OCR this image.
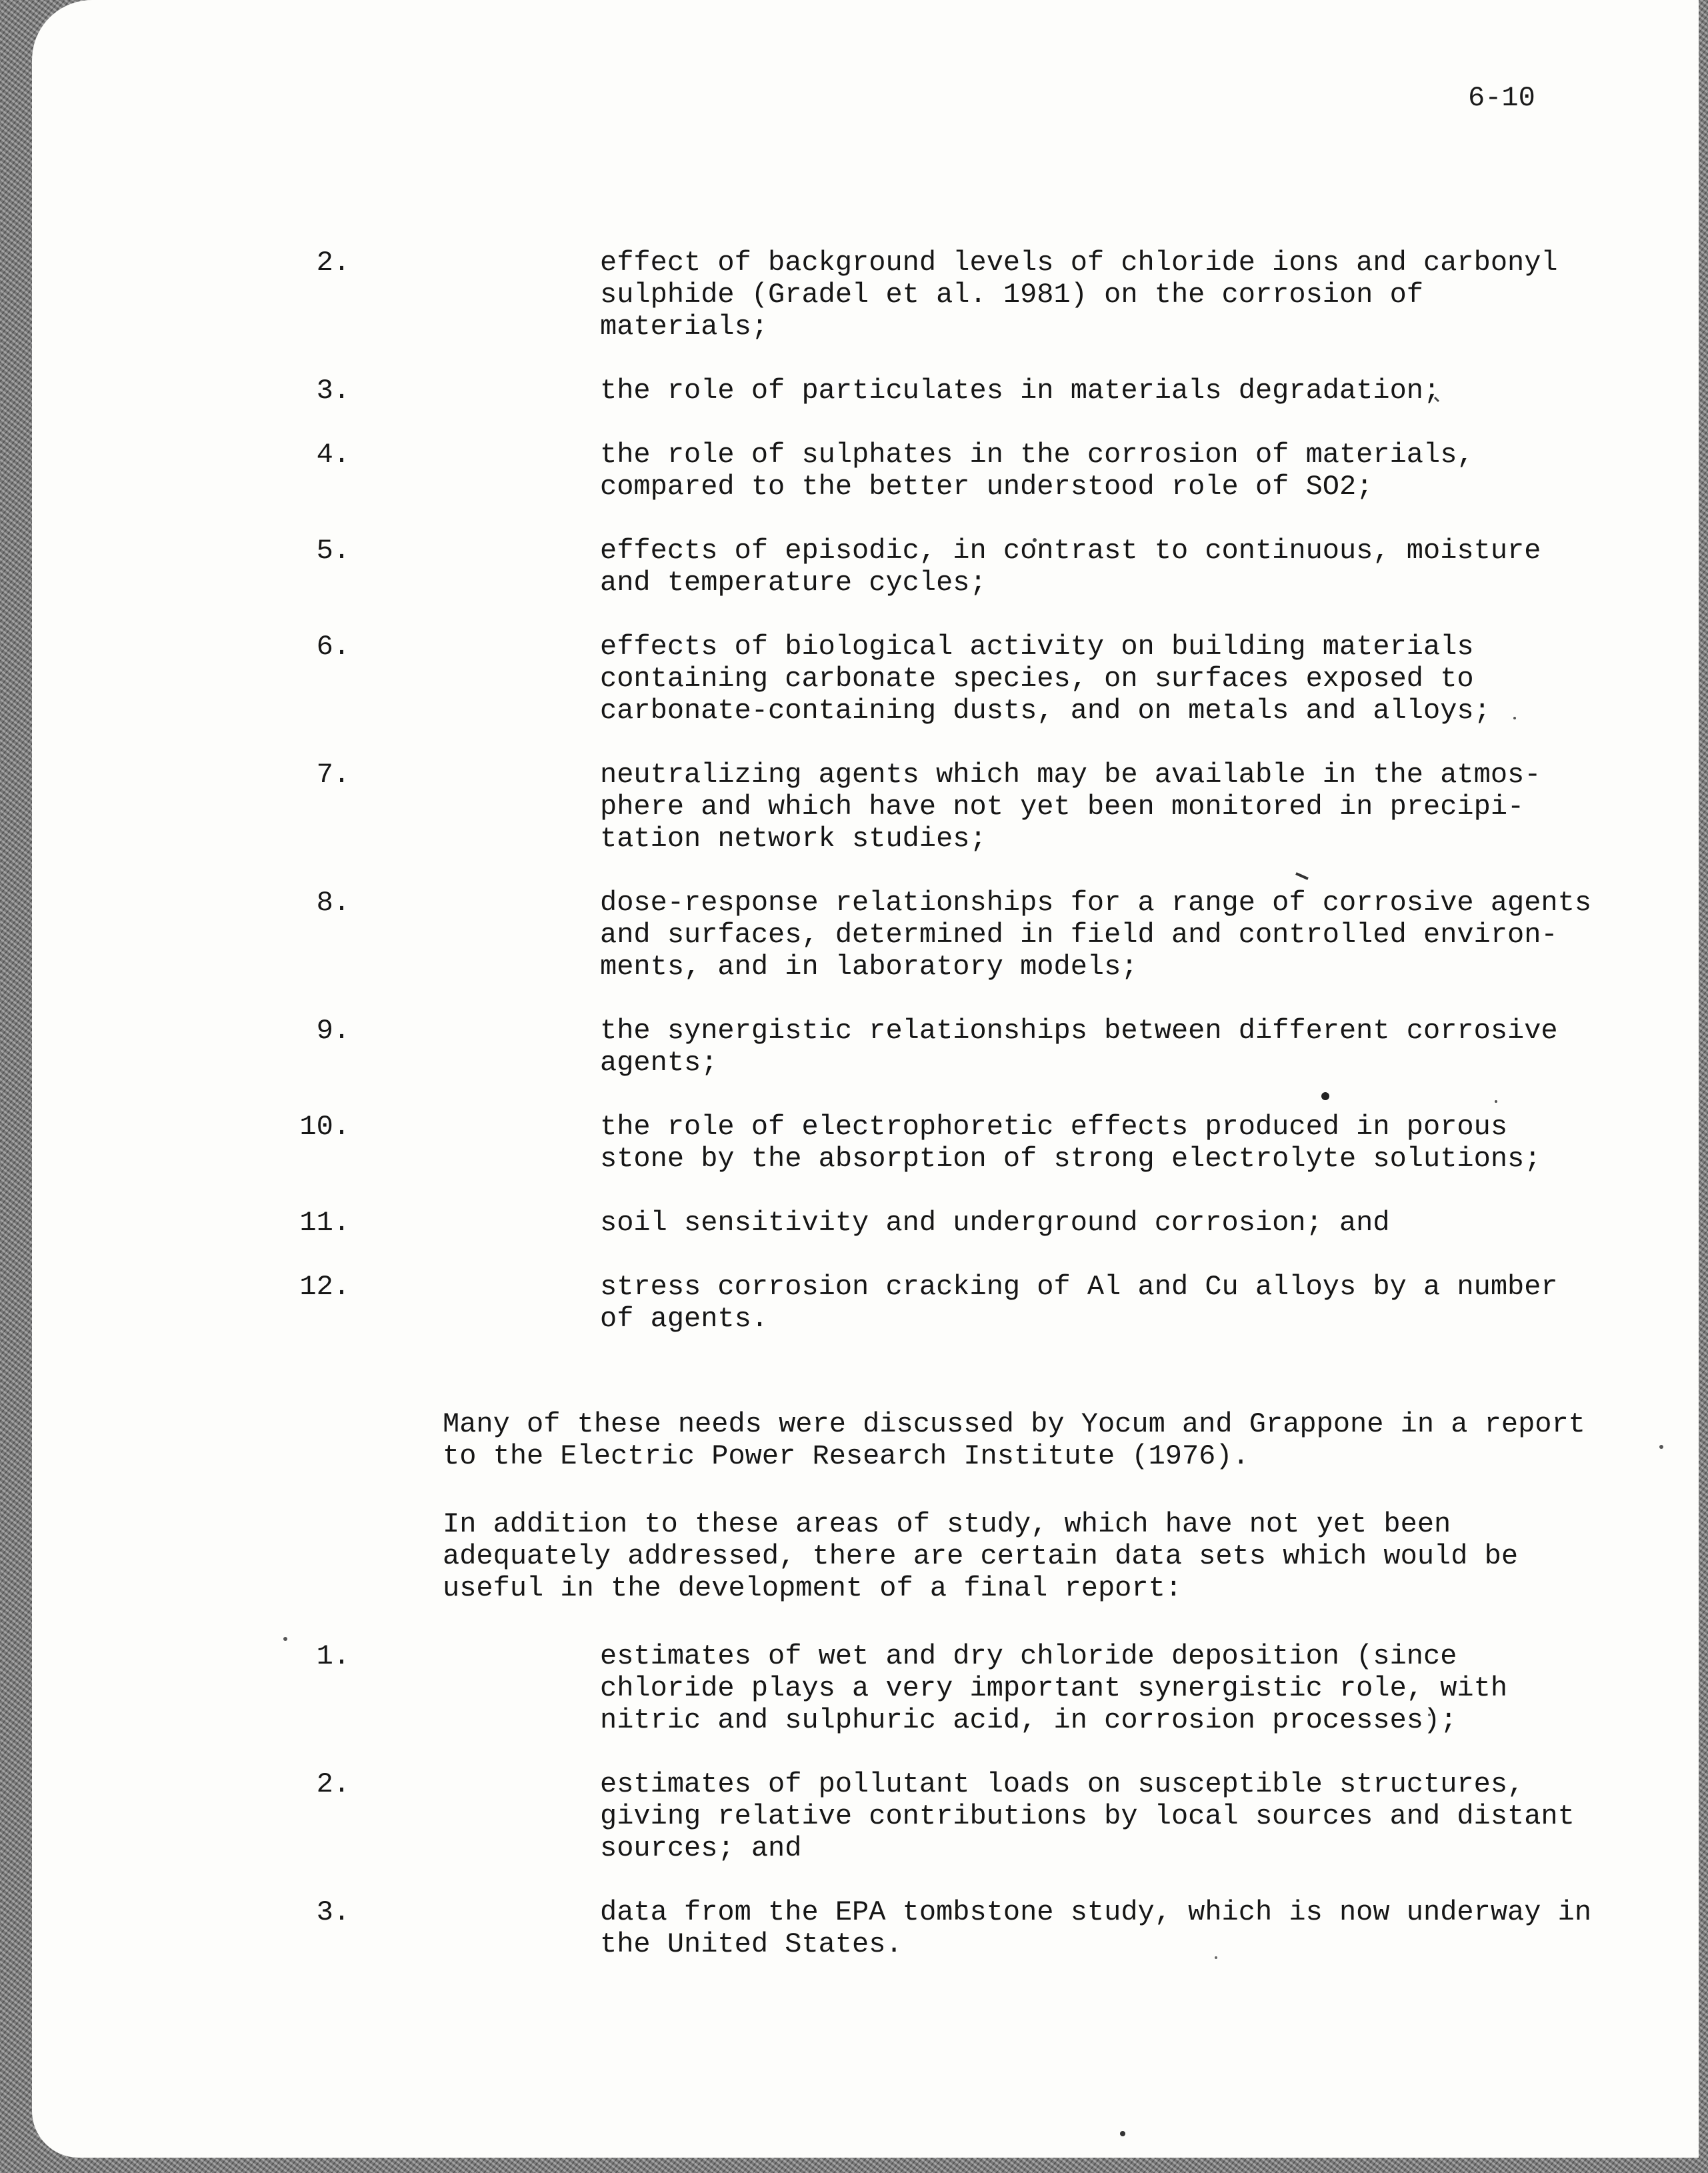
6-10

2.	effect of background levels of chloride ions and carbonyl
sulphide (Gradel et al. 1981) on the corrosion of
materials;

3.	the role of particulates in materials degradation;

4.	the role of sulphates in the corrosion of materials,
compared to the better understood role of SO2;

5.	effects of episodic, in contrast to continuous, moisture
and temperature cycles;

6.	effects of biological activity on building materials
containing carbonate species, on surfaces exposed to
carbonate-containing dusts, and on metals and alloys;

7.	neutralizing agents which may be available in the atmos-
phere and which have not yet been monitored in precipi-
tation network studies;

8.	dose-response relationships for a range of corrosive agents
and surfaces, determined in field and controlled environ-
ments, and in laboratory models;

9.	the synergistic relationships between different corrosive
agents;

10.	the role of electrophoretic effects produced in porous
stone by the absorption of strong electrolyte solutions;

11.	soil sensitivity and underground corrosion; and

12.	stress corrosion cracking of Al and Cu alloys by a number
of agents.

Many of these needs were discussed by Yocum and Grappone in a report
to the Electric Power Research Institute (1976).

In addition to these areas of study, which have not yet been
adequately addressed, there are certain data sets which would be
useful in the development of a final report:

1.	estimates of wet and dry chloride deposition (since
chloride plays a very important synergistic role, with
nitric and sulphuric acid, in corrosion processes);

2.	estimates of pollutant loads on susceptible structures,
giving relative contributions by local sources and distant
sources; and

3.	data from the EPA tombstone study, which is now underway in
the United States.
